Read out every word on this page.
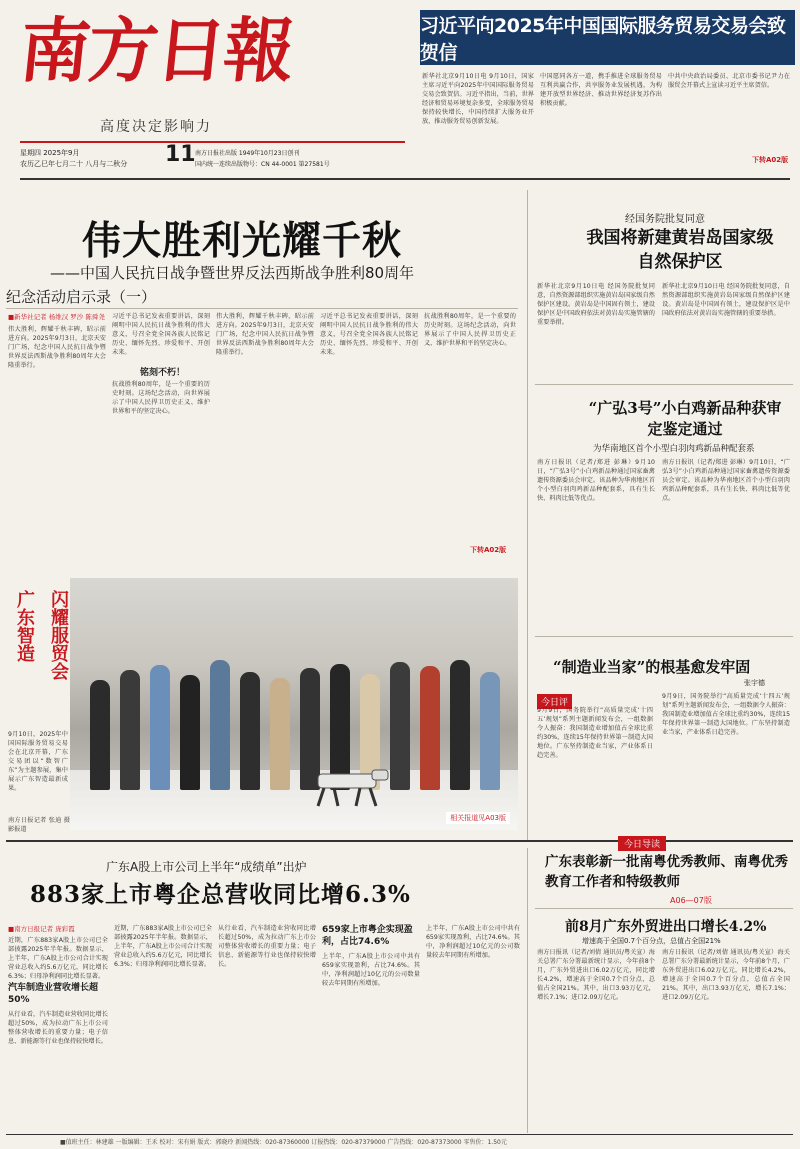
南方日報
高度决定影响力
星期四 2025年9月
农历乙巳年七月二十 八月与二秋分	11 南方日报社出版 1949年10月23日创刊
国内统一连续出版物号：CN 44-0001 第27581号
习近平向2025年中国国际服务贸易交易会致贺信
新华社北京9月10日电 9月10日，国家主席习近平向2025年中国国际服务贸易交易会致贺信。习近平指出，当前，世界经济和贸易环境复杂多变，全球服务贸易保持较快增长，中国持续扩大服务业开放，推动服务贸易创新发展。
中国愿同各方一道，携手推进全球服务贸易互利共赢合作，共享服务业发展机遇，为构建开放型世界经济、推动世界经济复苏作出积极贡献。
中共中央政治局委员、北京市委书记尹力在服贸会开幕式上宣读习近平主席贺信。
下转A02版
伟大胜利光耀千秋
——中国人民抗日战争暨世界反法西斯战争胜利80周年
纪念活动启示录（一）
■新华社记者 杨维汉 罗沙 陈舜尧
伟大胜利，辉耀千秋丰碑，昭示前进方向。2025年9月3日，北京天安门广场，纪念中国人民抗日战争暨世界反法西斯战争胜利80周年大会隆重举行。
习近平总书记发表重要讲话，深刻阐明中国人民抗日战争胜利的伟大意义，号召全党全国各族人民铭记历史、缅怀先烈、珍爱和平、开创未来。
铭刻不朽！
抗战胜利80周年，是一个重要的历史时刻。这场纪念活动，向世界展示了中国人民捍卫历史正义、维护世界和平的坚定决心。
伟大胜利，辉耀千秋丰碑，昭示前进方向。2025年9月3日，北京天安门广场，纪念中国人民抗日战争暨世界反法西斯战争胜利80周年大会隆重举行。
习近平总书记发表重要讲话，深刻阐明中国人民抗日战争胜利的伟大意义，号召全党全国各族人民铭记历史、缅怀先烈、珍爱和平、开创未来。
抗战胜利80周年，是一个重要的历史时刻。这场纪念活动，向世界展示了中国人民捍卫历史正义、维护世界和平的坚定决心。
下转A02版
经国务院批复同意
我国将新建黄岩岛国家级自然保护区
新华社北京9月10日电 经国务院批复同意，自然资源部组织实施黄岩岛国家级自然保护区建设。黄岩岛是中国固有领土，建设保护区是中国政府依法对黄岩岛实施管辖的重要举措。
新华社北京9月10日电 经国务院批复同意，自然资源部组织实施黄岩岛国家级自然保护区建设。黄岩岛是中国固有领土，建设保护区是中国政府依法对黄岩岛实施管辖的重要举措。
“广弘3号”小白鸡新品种获审定鉴定通过
为华南地区首个小型白羽肉鸡新品种配套系
南方日报讯（记者/郑进 彭琳）9月10日，“广弘3号”小白鸡新品种通过国家畜禽遗传资源委员会审定。该品种为华南地区首个小型白羽肉鸡新品种配套系，具有生长快、料肉比低等优点。
南方日报讯（记者/郑进 彭琳）9月10日，“广弘3号”小白鸡新品种通过国家畜禽遗传资源委员会审定。该品种为华南地区首个小型白羽肉鸡新品种配套系，具有生长快、料肉比低等优点。
闪耀服贸会
广东智造
9月10日，2025年中国国际服务贸易交易会在北京开幕，广东交易团以“数智广东”为主题参展，集中展示广东智造最新成果。
南方日报记者 张迪 摄影报道
相关报道见A03版
“制造业当家”的根基愈发牢固
张宇德
今日评
9月9日，国务院举行“高质量完成‘十四五’规划”系列主题新闻发布会，一组数据令人振奋：我国制造业增加值占全球比重约30%，连续15年保持世界第一制造大国地位。广东坚持制造业当家，产业体系日趋完善。
9月9日，国务院举行“高质量完成‘十四五’规划”系列主题新闻发布会，一组数据令人振奋：我国制造业增加值占全球比重约30%，连续15年保持世界第一制造大国地位。广东坚持制造业当家，产业体系日趋完善。
广东A股上市公司上半年“成绩单”出炉
883家上市粤企总营收同比增6.3%
■南方日报记者 庞彩霞
近期，广东883家A股上市公司已全部披露2025年半年报。数据显示，上半年，广东A股上市公司合计实现营业总收入约5.6万亿元，同比增长6.3%；归母净利润同比增长显著。
汽车制造业营收增长超50%
从行业看，汽车制造业营收同比增长超过50%，成为拉动广东上市公司整体营收增长的重要力量；电子信息、新能源等行业也保持较快增长。
近期，广东883家A股上市公司已全部披露2025年半年报。数据显示，上半年，广东A股上市公司合计实现营业总收入约5.6万亿元，同比增长6.3%；归母净利润同比增长显著。
从行业看，汽车制造业营收同比增长超过50%，成为拉动广东上市公司整体营收增长的重要力量；电子信息、新能源等行业也保持较快增长。
659家上市粤企实现盈利，占比74.6%
上半年，广东A股上市公司中共有659家实现盈利，占比74.6%。其中，净利润超过10亿元的公司数量较去年同期有所增加。
上半年，广东A股上市公司中共有659家实现盈利，占比74.6%。其中，净利润超过10亿元的公司数量较去年同期有所增加。
今日导读
广东表彰新一批南粤优秀教师、南粤优秀教育工作者和特级教师
A06—07版
前8月广东外贸进出口增长4.2%
增速高于全国0.7个百分点，总值占全国21%
南方日报讯（记者/刘倩 通讯员/粤关宣）海关总署广东分署最新统计显示，今年前8个月，广东外贸进出口6.02万亿元，同比增长4.2%，增速高于全国0.7个百分点，总值占全国21%。其中，出口3.93万亿元，增长7.1%；进口2.09万亿元。
南方日报讯（记者/刘倩 通讯员/粤关宣）海关总署广东分署最新统计显示，今年前8个月，广东外贸进出口6.02万亿元，同比增长4.2%，增速高于全国0.7个百分点，总值占全国21%。其中，出口3.93万亿元，增长7.1%；进口2.09万亿元。
■值班主任：林建雄 一版编辑：王禾 校对：宋有娟 版式：郭晓玲 新闻热线：020-87360000 订报热线：020-87379000 广告热线：020-87373000 零售价：1.50元
